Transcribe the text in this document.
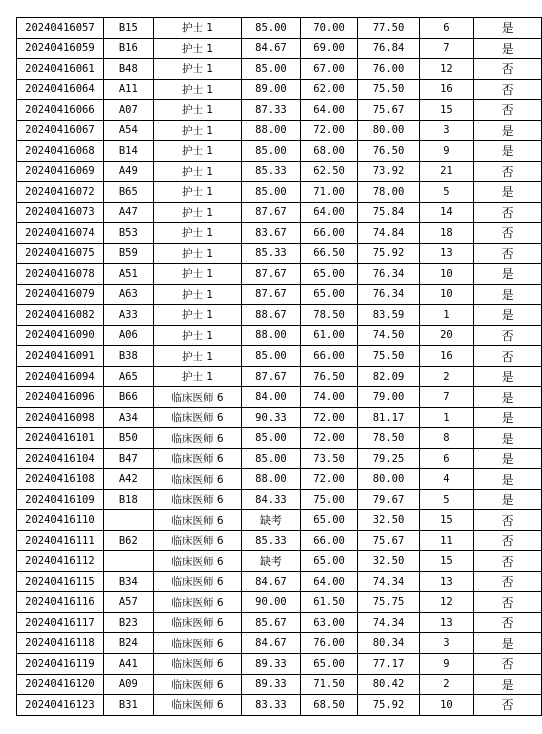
20240416057	B15	护士 1	85.00	70.00	77.50	6	是
20240416059	B16	护士 1	84.67	69.00	76.84	7	是
20240416061	B48	护士 1	85.00	67.00	76.00	12	否
20240416064	A11	护士 1	89.00	62.00	75.50	16	否
20240416066	A07	护士 1	87.33	64.00	75.67	15	否
20240416067	A54	护士 1	88.00	72.00	80.00	3	是
20240416068	B14	护士 1	85.00	68.00	76.50	9	是
20240416069	A49	护士 1	85.33	62.50	73.92	21	否
20240416072	B65	护士 1	85.00	71.00	78.00	5	是
20240416073	A47	护士 1	87.67	64.00	75.84	14	否
20240416074	B53	护士 1	83.67	66.00	74.84	18	否
20240416075	B59	护士 1	85.33	66.50	75.92	13	否
20240416078	A51	护士 1	87.67	65.00	76.34	10	是
20240416079	A63	护士 1	87.67	65.00	76.34	10	是
20240416082	A33	护士 1	88.67	78.50	83.59	1	是
20240416090	A06	护士 1	88.00	61.00	74.50	20	否
20240416091	B38	护士 1	85.00	66.00	75.50	16	否
20240416094	A65	护士 1	87.67	76.50	82.09	2	是
20240416096	B66	临床医师 6	84.00	74.00	79.00	7	是
20240416098	A34	临床医师 6	90.33	72.00	81.17	1	是
20240416101	B50	临床医师 6	85.00	72.00	78.50	8	是
20240416104	B47	临床医师 6	85.00	73.50	79.25	6	是
20240416108	A42	临床医师 6	88.00	72.00	80.00	4	是
20240416109	B18	临床医师 6	84.33	75.00	79.67	5	是
20240416110		临床医师 6	缺考	65.00	32.50	15	否
20240416111	B62	临床医师 6	85.33	66.00	75.67	11	否
20240416112		临床医师 6	缺考	65.00	32.50	15	否
20240416115	B34	临床医师 6	84.67	64.00	74.34	13	否
20240416116	A57	临床医师 6	90.00	61.50	75.75	12	否
20240416117	B23	临床医师 6	85.67	63.00	74.34	13	否
20240416118	B24	临床医师 6	84.67	76.00	80.34	3	是
20240416119	A41	临床医师 6	89.33	65.00	77.17	9	否
20240416120	A09	临床医师 6	89.33	71.50	80.42	2	是
20240416123	B31	临床医师 6	83.33	68.50	75.92	10	否
